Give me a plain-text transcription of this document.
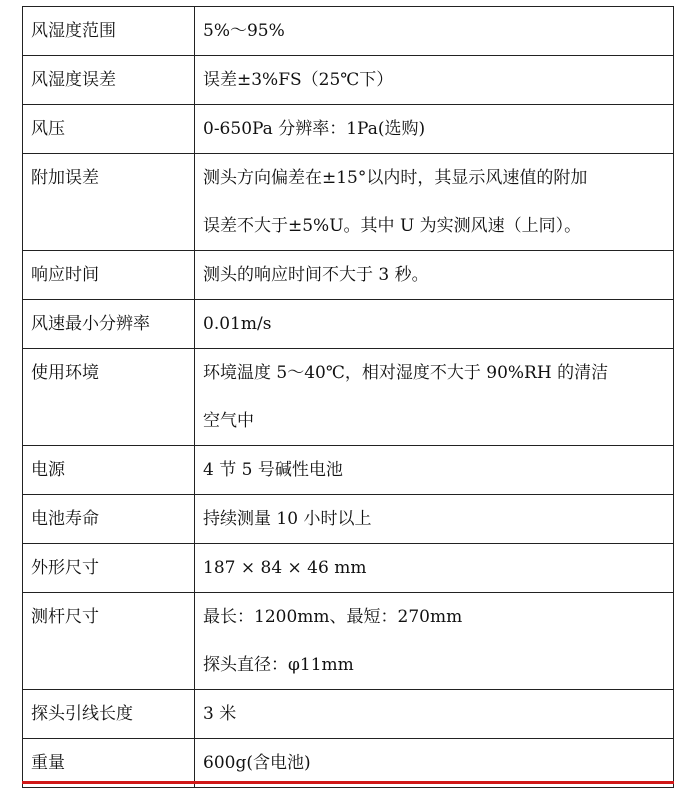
风湿度范围	5%～95%

风湿度误差	误差±3%FS（25℃下）

风压	0-650Pa 分辨率：1Pa(选购)

附加误差	测头方向偏差在±15°以内时，其显示风速值的附加
误差不大于±5%U。其中 U 为实测风速（上同）。

响应时间	测头的响应时间不大于 3 秒。

风速最小分辨率	0.01m/s

使用环境	环境温度 5～40℃，相对湿度不大于 90%RH 的清洁
空气中

电源	4 节 5 号碱性电池

电池寿命	持续测量 10 小时以上

外形尺寸	187 × 84 × 46 mm

测杆尺寸	最长：1200mm、最短：270mm
探头直径：φ11mm

探头引线长度	3 米

重量	600g(含电池)
